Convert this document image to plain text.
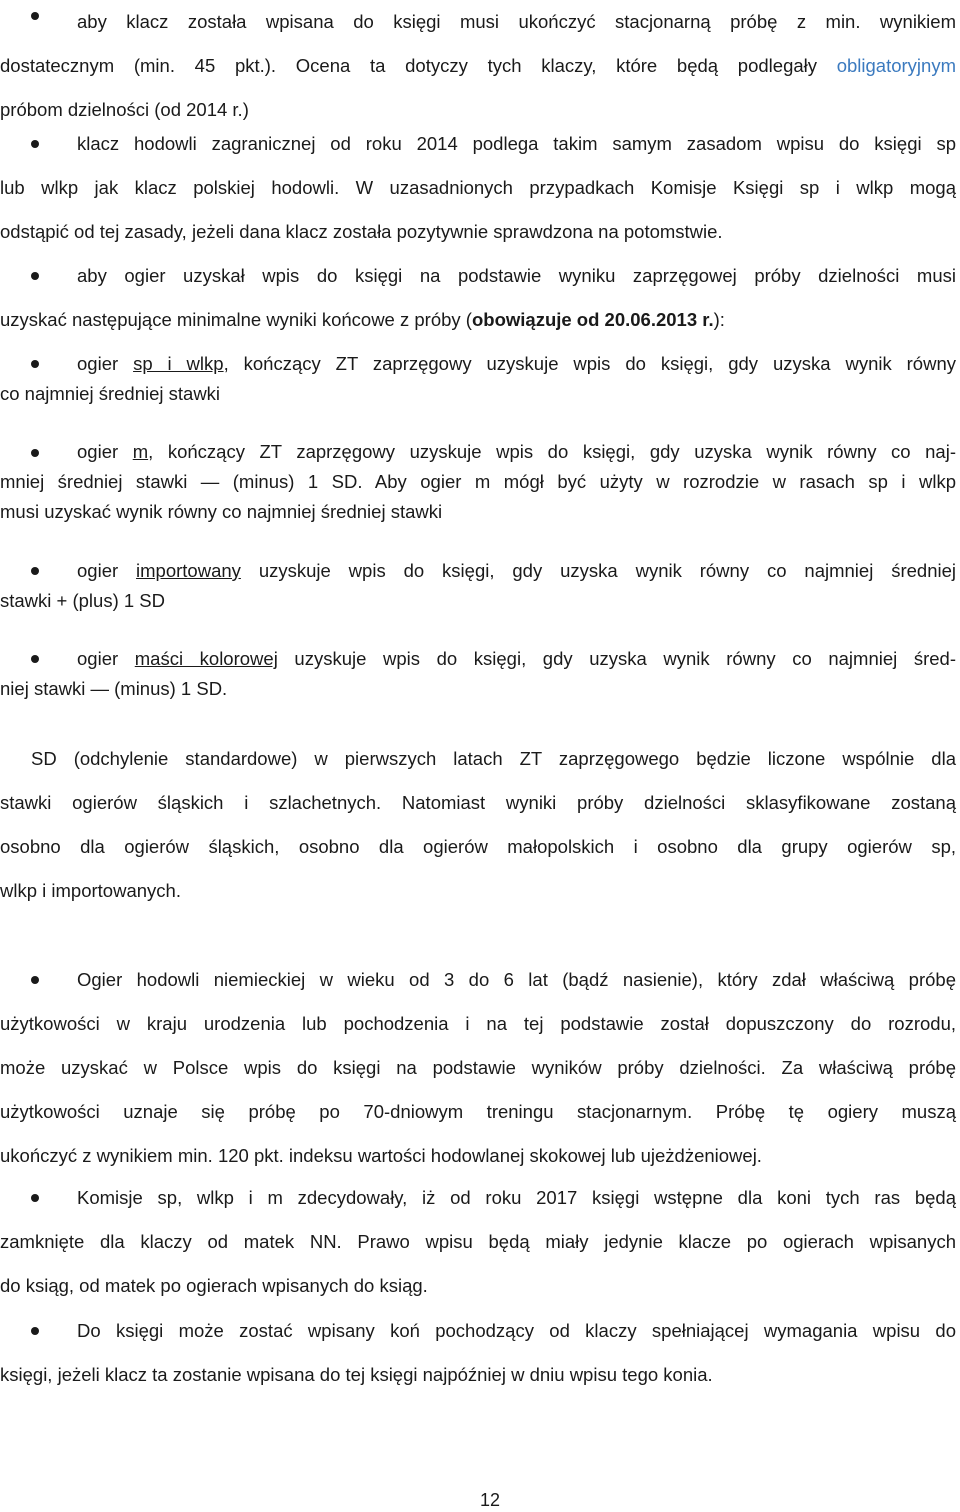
aby klacz została wpisana do księgi musi ukończyć stacjonarną próbę z min. wynikiem
dostatecznym (min. 45 pkt.). Ocena ta dotyczy tych klaczy, które będą podlegały obligatoryjnym
próbom dzielności (od 2014 r.)
klacz hodowli zagranicznej od roku 2014 podlega takim samym zasadom wpisu do księgi sp
lub wlkp jak klacz polskiej hodowli. W uzasadnionych przypadkach Komisje Księgi sp i wlkp mogą
odstąpić od tej zasady, jeżeli dana klacz została pozytywnie sprawdzona na potomstwie.
aby ogier uzyskał wpis do księgi na podstawie wyniku zaprzęgowej próby dzielności musi
uzyskać następujące minimalne wyniki końcowe z próby (obowiązuje od 20.06.2013 r.):
ogier sp i wlkp, kończący ZT zaprzęgowy uzyskuje wpis do księgi, gdy uzyska wynik równy
co najmniej średniej stawki
ogier m, kończący ZT zaprzęgowy uzyskuje wpis do księgi, gdy uzyska wynik równy co naj-
mniej średniej stawki — (minus) 1 SD. Aby ogier m mógł być użyty w rozrodzie w rasach sp i wlkp
musi uzyskać wynik równy co najmniej średniej stawki
ogier importowany uzyskuje wpis do księgi, gdy uzyska wynik równy co najmniej średniej
stawki + (plus) 1 SD
ogier maści kolorowej uzyskuje wpis do księgi, gdy uzyska wynik równy co najmniej śred-
niej stawki — (minus) 1 SD.
SD (odchylenie standardowe) w pierwszych latach ZT zaprzęgowego będzie liczone wspólnie dla
stawki ogierów śląskich i szlachetnych. Natomiast wyniki próby dzielności sklasyfikowane zostaną
osobno dla ogierów śląskich, osobno dla ogierów małopolskich i osobno dla grupy ogierów sp,
wlkp i importowanych.
Ogier hodowli niemieckiej w wieku od 3 do 6 lat (bądź nasienie), który zdał właściwą próbę
użytkowości w kraju urodzenia lub pochodzenia i na tej podstawie został dopuszczony do rozrodu,
może uzyskać w Polsce wpis do księgi na podstawie wyników próby dzielności. Za właściwą próbę
użytkowości uznaje się próbę po 70-dniowym treningu stacjonarnym. Próbę tę ogiery muszą
ukończyć z wynikiem min. 120 pkt. indeksu wartości hodowlanej skokowej lub ujeżdżeniowej.
Komisje sp, wlkp i m zdecydowały, iż od roku 2017 księgi wstępne dla koni tych ras będą
zamknięte dla klaczy od matek NN. Prawo wpisu będą miały jedynie klacze po ogierach wpisanych
do ksiąg, od matek po ogierach wpisanych do ksiąg.
Do księgi może zostać wpisany koń pochodzący od klaczy spełniającej wymagania wpisu do
księgi, jeżeli klacz ta zostanie wpisana do tej księgi najpóźniej w dniu wpisu tego konia.
12
